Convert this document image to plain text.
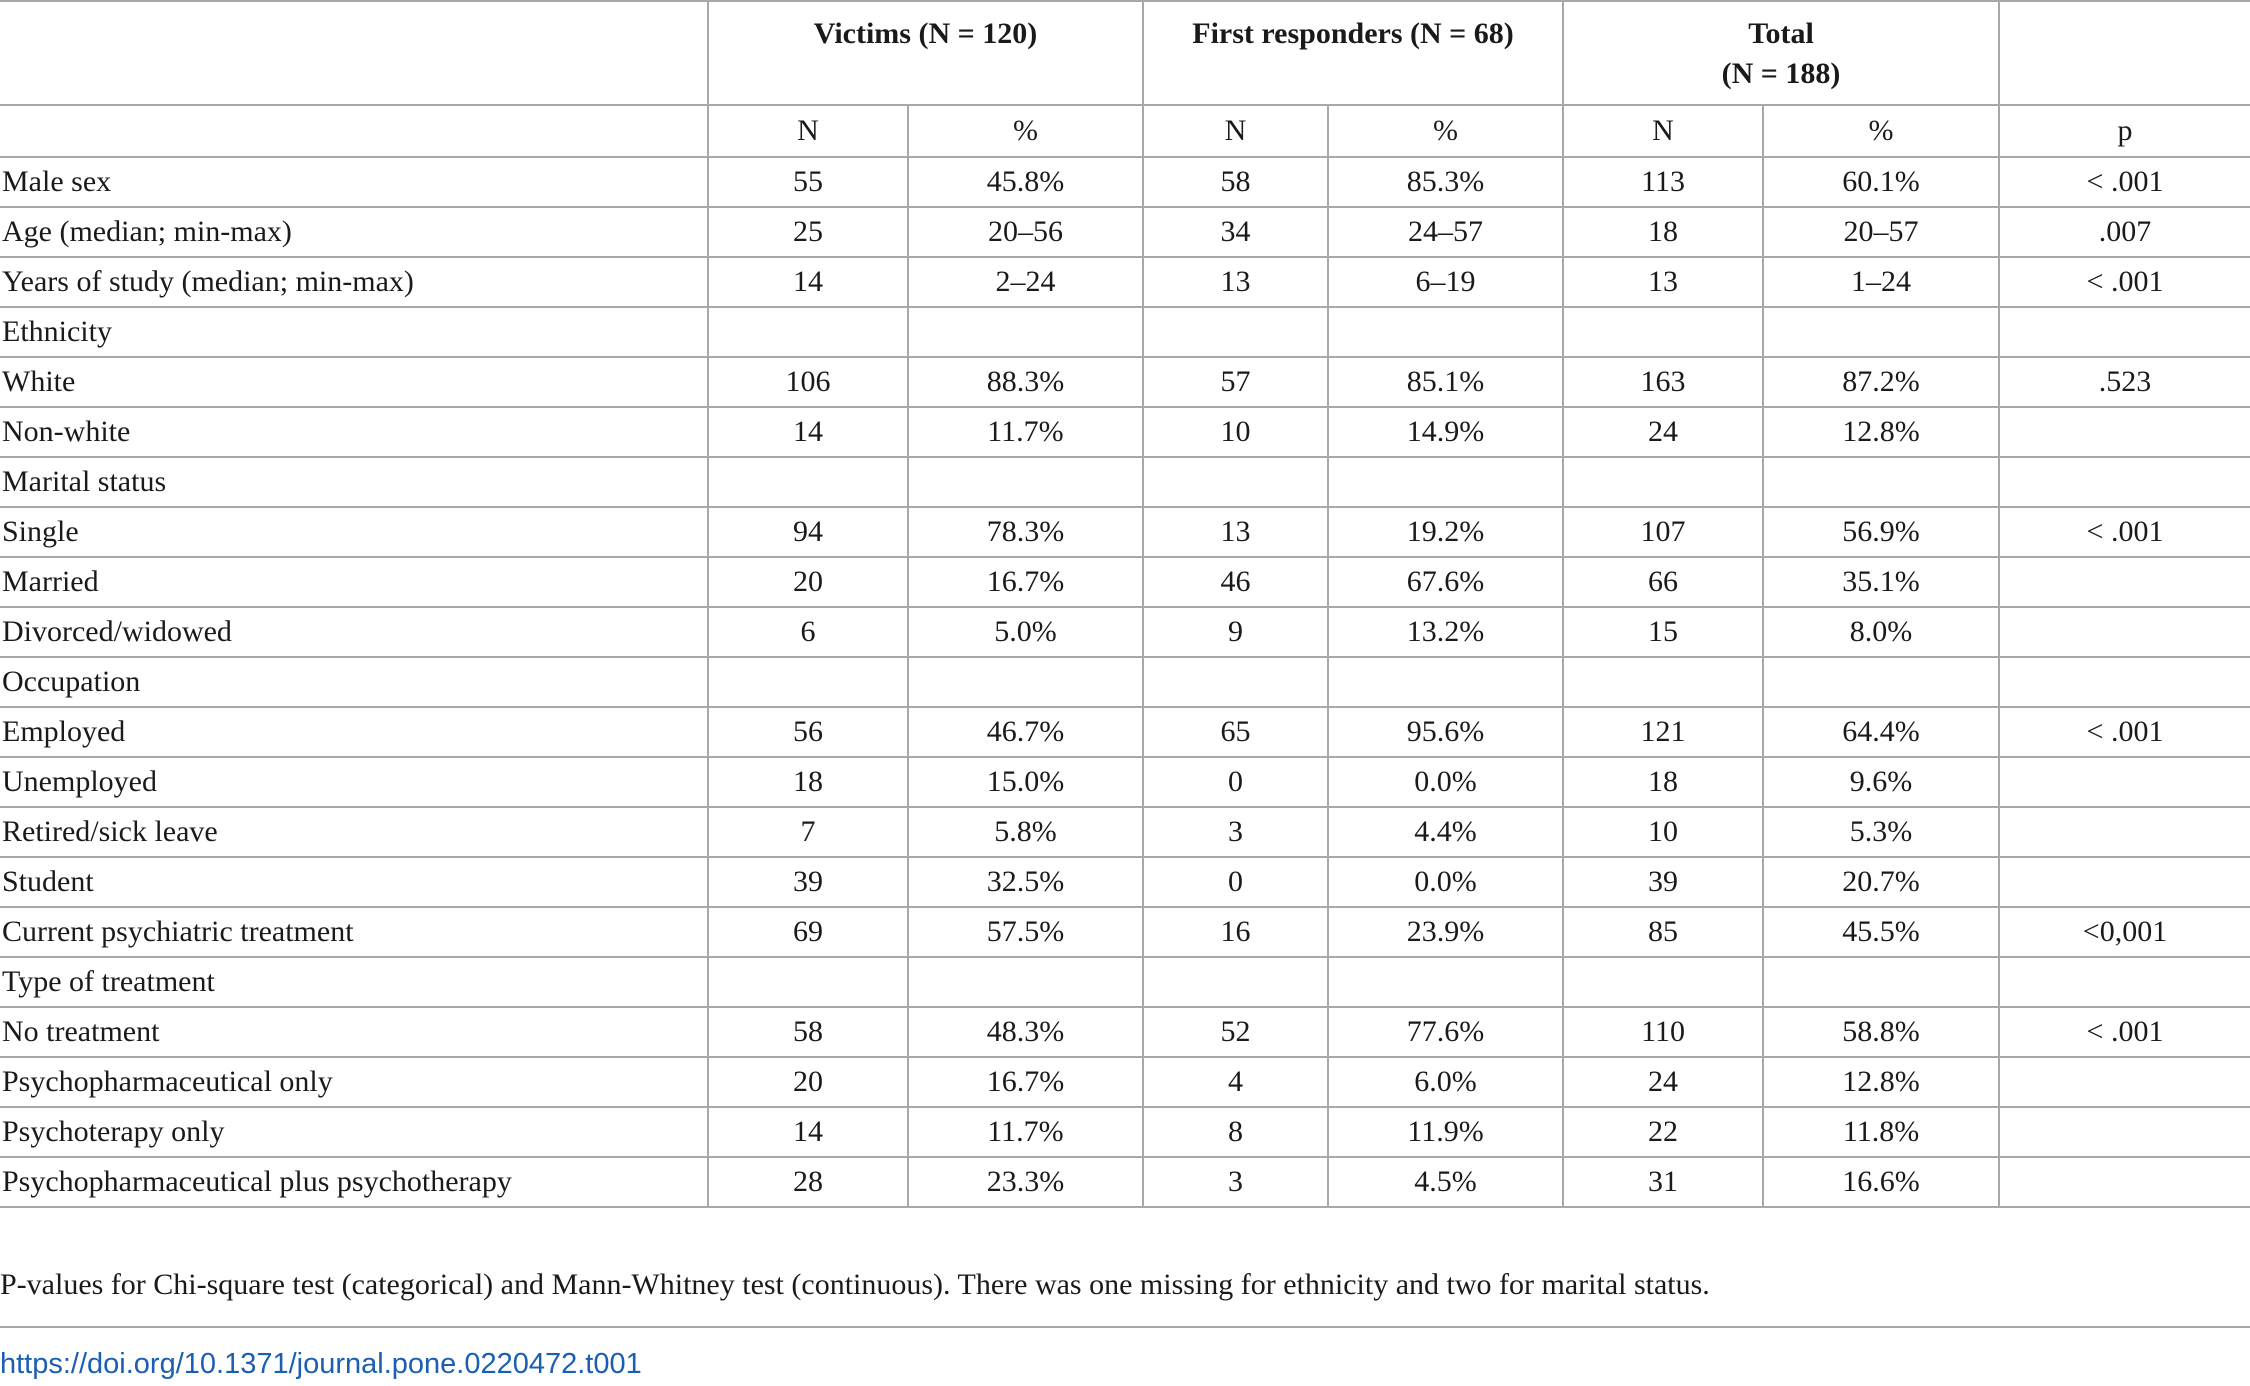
	Victims (N = 120)		First responders (N = 68)		Total
(N = 188)		
	N	%	N	%	N	%	p
Male sex	55	45.8%	58	85.3%	113	60.1%	< .001
Age (median; min-max)	25	20–56	34	24–57	18	20–57	.007
Years of study (median; min-max)	14	2–24	13	6–19	13	1–24	< .001
Ethnicity							
White	106	88.3%	57	85.1%	163	87.2%	.523
Non-white	14	11.7%	10	14.9%	24	12.8%	
Marital status							
Single	94	78.3%	13	19.2%	107	56.9%	< .001
Married	20	16.7%	46	67.6%	66	35.1%	
Divorced/widowed	6	5.0%	9	13.2%	15	8.0%	
Occupation							
Employed	56	46.7%	65	95.6%	121	64.4%	< .001
Unemployed	18	15.0%	0	0.0%	18	9.6%	
Retired/sick leave	7	5.8%	3	4.4%	10	5.3%	
Student	39	32.5%	0	0.0%	39	20.7%	
Current psychiatric treatment	69	57.5%	16	23.9%	85	45.5%	<0,001
Type of treatment							
No treatment	58	48.3%	52	77.6%	110	58.8%	< .001
Psychopharmaceutical only	20	16.7%	4	6.0%	24	12.8%	
Psychoterapy only	14	11.7%	8	11.9%	22	11.8%	
Psychopharmaceutical plus psychotherapy	28	23.3%	3	4.5%	31	16.6%	
P-values for Chi-square test (categorical) and Mann-Whitney test (continuous). There was one missing for ethnicity and two for marital status.
https://doi.org/10.1371/journal.pone.0220472.t001
